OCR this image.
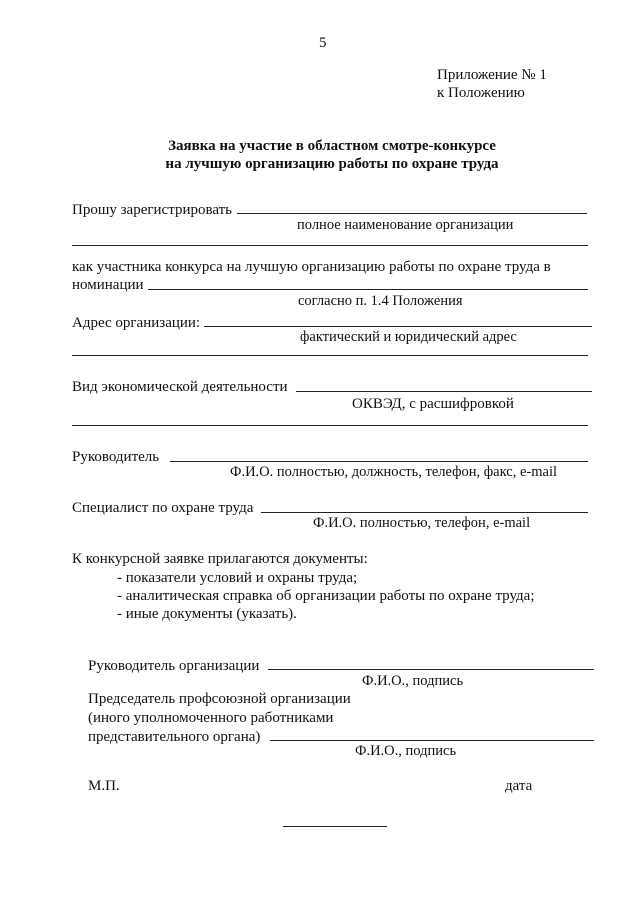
5
Приложение № 1
к Положению
Заявка на участие в областном смотре-конкурсе
на лучшую организацию работы по охране труда
Прошу зарегистрировать
полное наименование организации
как участника конкурса на лучшую организацию работы по охране труда в
номинации
согласно п. 1.4 Положения
Адрес организации:
фактический и юридический адрес
Вид экономической деятельности
ОКВЭД, с расшифровкой
Руководитель
Ф.И.О. полностью, должность, телефон, факс, e-mail
Специалист по охране труда
Ф.И.О. полностью, телефон, e-mail
К конкурсной заявке прилагаются документы:
- показатели условий и охраны труда;
- аналитическая справка об организации работы по охране труда;
- иные документы (указать).
Руководитель организации
Ф.И.О., подпись
Председатель профсоюзной организации
(иного уполномоченного работниками
представительного органа)
Ф.И.О., подпись
М.П.	дата
